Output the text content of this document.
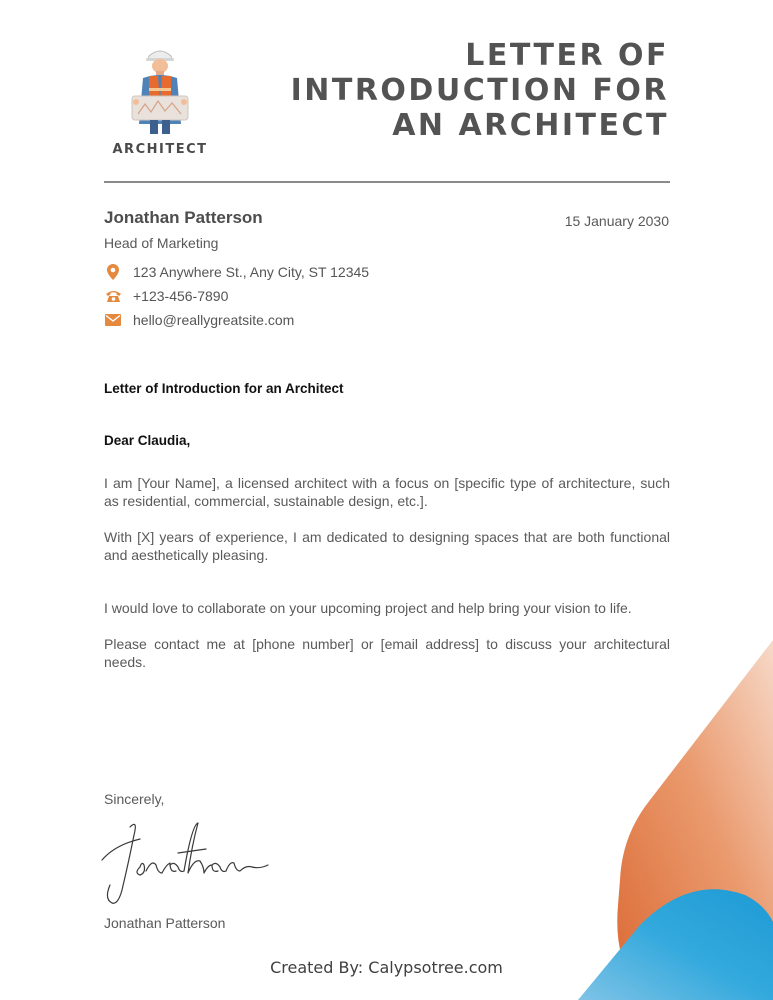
ARCHITECT
LETTER OF
INTRODUCTION FOR
AN ARCHITECT
Jonathan Patterson
Head of Marketing
15 January 2030
123 Anywhere St., Any City, ST 12345
+123-456-7890
hello@reallygreatsite.com
Letter of Introduction for an Architect
Dear Claudia,

I am [Your Name], a licensed architect with a focus on [specific type of architecture, such as residential, commercial, sustainable design, etc.].

With [X] years of experience, I am dedicated to designing spaces that are both functional and aesthetically pleasing.

I would love to collaborate on your upcoming project and help bring your vision to life.

Please contact me at [phone number] or [email address] to discuss your architectural needs.

Sincerely,
Jonathan Patterson
Created By: Calypsotree.com
